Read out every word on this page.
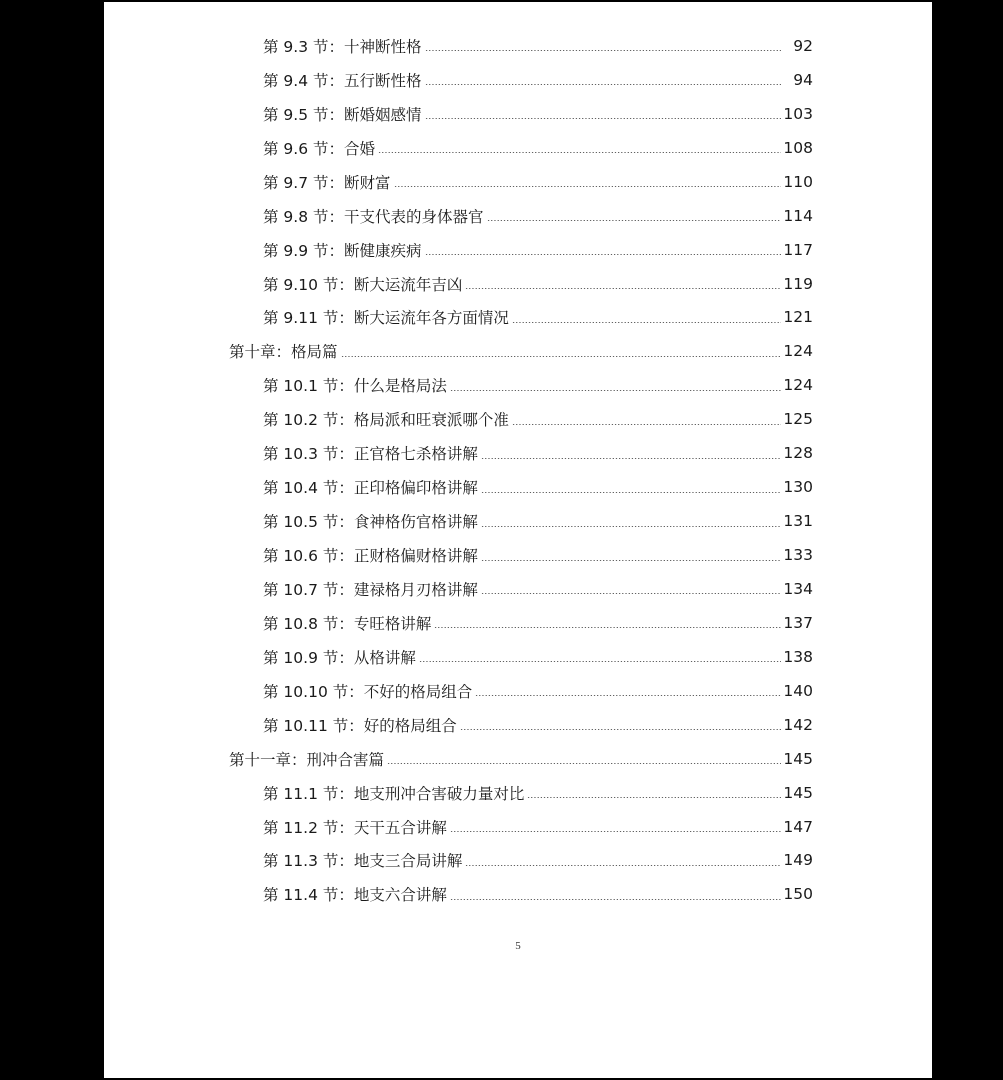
第 9.3 节：十神断性格	92
第 9.4 节：五行断性格	94
第 9.5 节：断婚姻感情	103
第 9.6 节：合婚	108
第 9.7 节：断财富	110
第 9.8 节：干支代表的身体器官	114
第 9.9 节：断健康疾病	117
第 9.10 节：断大运流年吉凶	119
第 9.11 节：断大运流年各方面情况	121
第十章：格局篇	124
第 10.1 节：什么是格局法	124
第 10.2 节：格局派和旺衰派哪个准	125
第 10.3 节：正官格七杀格讲解	128
第 10.4 节：正印格偏印格讲解	130
第 10.5 节：食神格伤官格讲解	131
第 10.6 节：正财格偏财格讲解	133
第 10.7 节：建禄格月刃格讲解	134
第 10.8 节：专旺格讲解	137
第 10.9 节：从格讲解	138
第 10.10 节：不好的格局组合	140
第 10.11 节：好的格局组合	142
第十一章：刑冲合害篇	145
第 11.1 节：地支刑冲合害破力量对比	145
第 11.2 节：天干五合讲解	147
第 11.3 节：地支三合局讲解	149
第 11.4 节：地支六合讲解	150
5
